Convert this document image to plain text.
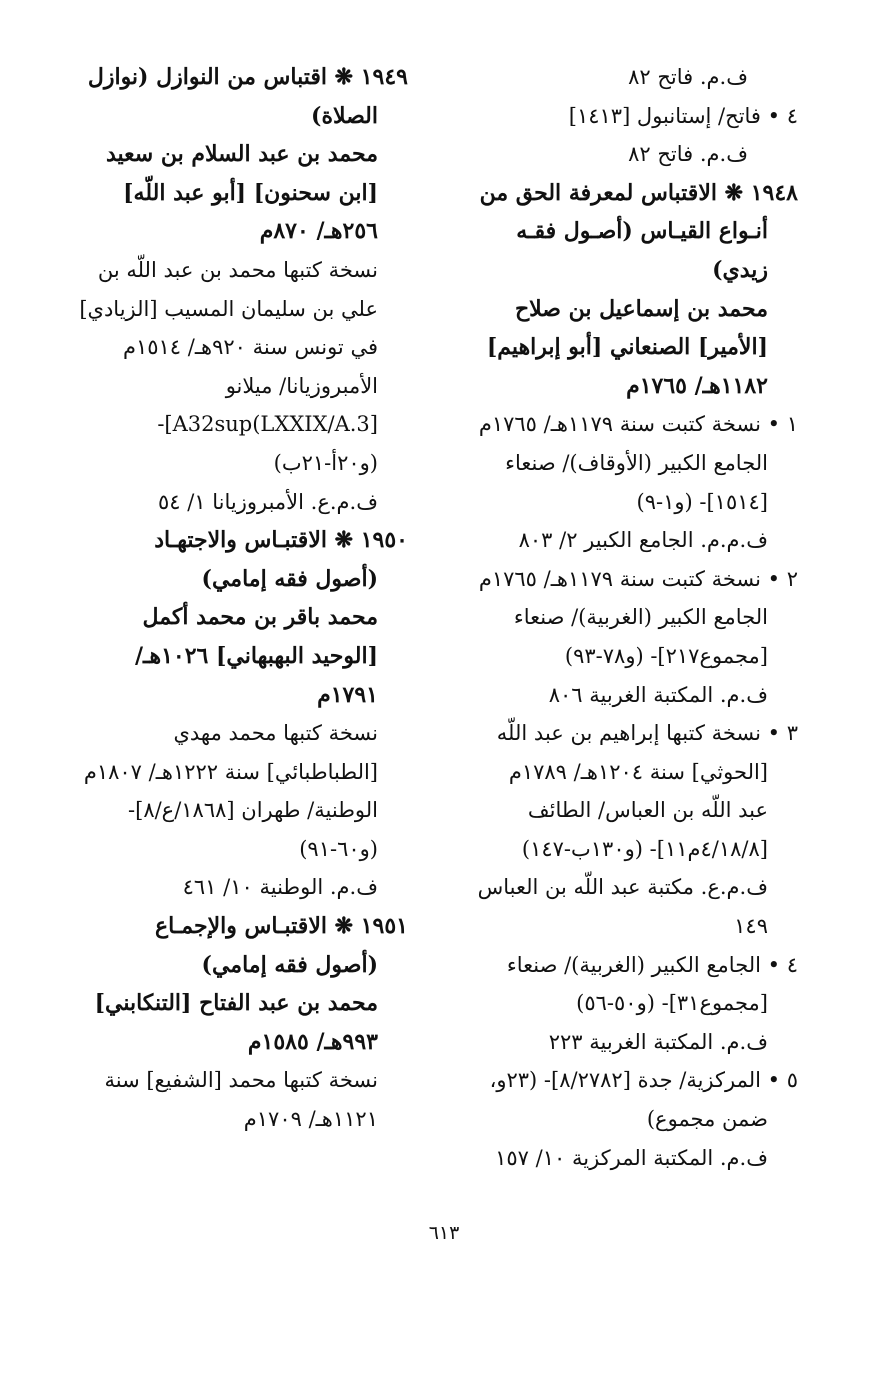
ف.م. فاتح ٨٢
٤ • فاتح/ إستانبول [١٤١٣]
ف.م. فاتح ٨٢
١٩٤٨ ❋ الاقتباس لمعرفة الحق من
أنـواع القيـاس (أصـول فقـه
زيدي)
محمد بن إسماعيل بن صلاح
[الأمير] الصنعاني [أبو إبراهيم]
١١٨٢هـ/ ١٧٦٥م
١ • نسخة كتبت سنة ١١٧٩هـ/ ١٧٦٥م
الجامع الكبير (الأوقاف)/ صنعاء
[١٥١٤]- (و١-٩)
ف.م.م. الجامع الكبير ٢/ ٨٠٣
٢ • نسخة كتبت سنة ١١٧٩هـ/ ١٧٦٥م
الجامع الكبير (الغربية)/ صنعاء
[مجموع٢١٧]- (و٧٨-٩٣)
ف.م. المكتبة الغربية ٨٠٦
٣ • نسخة كتبها إبراهيم بن عبد اللّه
[الحوثي] سنة ١٢٠٤هـ/ ١٧٨٩م
عبد اللّه بن العباس/ الطائف
[٤/١٨/٨م١١]- (و١٣٠ب-١٤٧)
ف.م.ع. مكتبة عبد اللّه بن العباس
١٤٩
٤ • الجامع الكبير (الغربية)/ صنعاء
[مجموع٣١]- (و٥٠-٥٦)
ف.م. المكتبة الغربية ٢٢٣
٥ • المركزية/ جدة [٨/٢٧٨٢]- (٢٣و،
ضمن مجموع)
ف.م. المكتبة المركزية ١٠/ ١٥٧
١٩٤٩ ❋ اقتباس من النوازل (نوازل
الصلاة)
محمد بن عبد السلام بن سعيد
[ابن سحنون] [أبو عبد اللّه]
٢٥٦هـ/ ٨٧٠م
نسخة كتبها محمد بن عبد اللّه بن
علي بن سليمان المسيب [الزيادي]
في تونس سنة ٩٢٠هـ/ ١٥١٤م
الأمبروزيانا/ ميلانو
-[A32sup(LXXIX/A.3]
(و٢٠أ-٢١ب)
ف.م.ع. الأمبروزيانا ١/ ٥٤
١٩٥٠ ❋ الاقتبـاس والاجتهـاد
(أصول فقه إمامي)
محمد باقر بن محمد أكمل
[الوحيد البهبهاني] ١٠٢٦هـ/
١٧٩١م
نسخة كتبها محمد مهدي
[الطباطبائي] سنة ١٢٢٢هـ/ ١٨٠٧م
الوطنية/ طهران [١٨٦٨/ع/٨]-
(و٦٠-٩١)
ف.م. الوطنية ١٠/ ٤٦١
١٩٥١ ❋ الاقتبـاس والإجمـاع
(أصول فقه إمامي)
محمد بن عبد الفتاح [التنكابني]
٩٩٣هـ/ ١٥٨٥م
نسخة كتبها محمد [الشفيع] سنة
١١٢١هـ/ ١٧٠٩م
٦١٣
